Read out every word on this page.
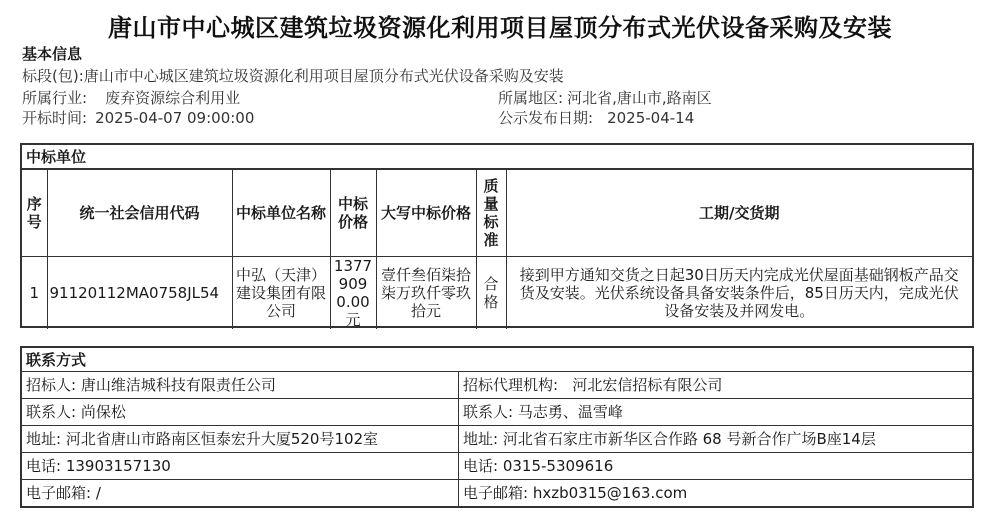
唐山市中心城区建筑垃圾资源化利用项目屋顶分布式光伏设备采购及安装
基本信息
标段(包):唐山市中心城区建筑垃圾资源化利用项目屋顶分布式光伏设备采购及安装
所属行业: 废弃资源综合利用业	所属地区: 河北省,唐山市,路南区
开标时间: 2025-04-07 09:00:00	公示发布日期: 2025-04-14
中标单位
序号	统一社会信用代码	中标单位名称	中标价格	大写中标价格	质量标准	工期/交货期
1	91120112MA0758JL54	中弘（天津）建设集团有限公司	13779090.00元	壹仟叁佰柒拾柒万玖仟零玖拾元	合格	接到甲方通知交货之日起30日历天内完成光伏屋面基础钢板产品交货及安装。光伏系统设备具备安装条件后，85日历天内，完成光伏设备安装及并网发电。
联系方式
招标人: 唐山维洁城科技有限责任公司	招标代理机构: 河北宏信招标有限公司
联系人: 尚保松	联系人: 马志勇、温雪峰
地址: 河北省唐山市路南区恒泰宏升大厦520号102室	地址: 河北省石家庄市新华区合作路 68 号新合作广场B座14层
电话: 13903157130	电话: 0315-5309616
电子邮箱: /	电子邮箱: hxzb0315@163.com
